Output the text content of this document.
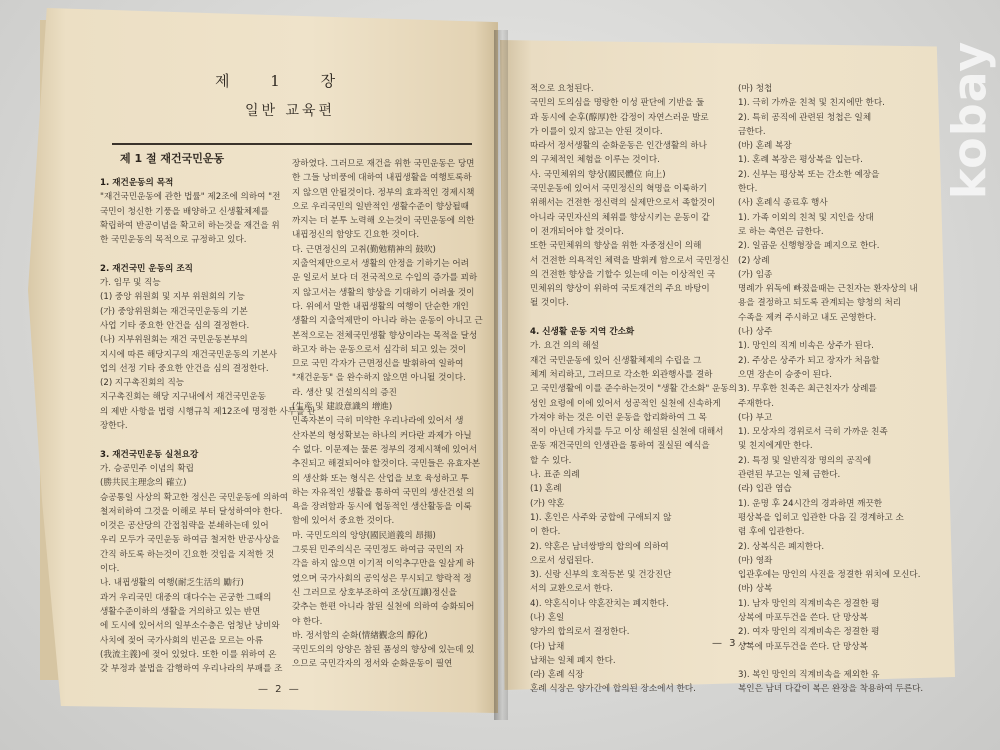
제 1 장
일반 교육편
제 1 절 재건국민운동
1. 재건운동의 목적
"재건국민운동에 관한 법률" 제2조에 의하여 "전
국민이 청신한 기풍을 배양하고 신생활체제를
확립하여 반공이념을 확고히 하는것을 재건을 위
한 국민운동의 목적으로 규정하고 있다.

2. 재건국민 운동의 조직
가. 임무 및 직능
(1) 중앙 위원회 및 지부 위원회의 기능
(가) 중앙위원회는 재건국민운동의 기본
사업 기타 중요한 안건을 심의 결정한다.
(나) 지부위원회는 재건 국민운동본부의
지시에 따른 해당지구의 재건국민운동의 기본사
업의 선정 기타 중요한 안건을 심의 결정한다.
(2) 지구촉진회의 직능
지구촉진회는 해당 지구내에서 재건국민운동
의 제반 사항을 법령 시행규칙 제12조에 명정한 사무를 관
장한다.

3. 재건국민운동 실천요강
가. 승공민주 이념의 확립
(勝共民主理念의 確立)
승공통일 사상의 확고한 정신은 국민운동에 의하여
철저히하여 그것을 이해로 부터 달성하여야 한다.
이것은 공산당의 간접침략을 분쇄하는데 있어
우리 모두가 국민운동 하여금 철저한 반공사상을
간직 하도록 하는것이 긴요한 것임을 지적한 것
이다.
나. 내핍생활의 여행(耐乏生活의 勵行)
과거 우리국민 대중의 대다수는 곤궁한 그때의
생활수준이하의 생활을 거의하고 있는 반면
에 도시에 있어서의 일부소수층은 엄청난 낭비와
사치에 젖어 국가사회의 빈곤을 모르는 아류
(我流主義)에 젖어 있었다. 또한 이를 위하여 온
갖 부정과 불법을 감행하여 우리나라의 부패를 조
장하였다. 그러므로 재건을 위한 국민운동은 당면
한 그들 낭비풍에 대하여 내핍생활을 여행토록하
지 않으면 안될것이다. 정부의 효과적인 경제시책
으로 우리국민의 일반적인 생활수준이 향상될때
까지는 더 분투 노력해 오는것이 국민운동에 의한
내핍정신의 함양도 긴요한 것이다.
다. 근면정신의 고취(勤勉精神의 鼓吹)
지출억제만으로서 생활의 안정을 기하기는 어려
운 일로서 보다 더 전국적으로 수입의 증가를 꾀하
지 않고서는 생활의 향상을 기대하기 어려울 것이
다. 위에서 말한 내핍생활의 여행이 단순한 개인
생활의 지출억제만이 아니라 하는 운동이 아니고 근
본적으로는 전체국민생활 향상이라는 목적을 달성
하고자 하는 운동으로서 심각히 되고 있는 것이
므로 국민 각자가 근면정신을 발휘하여 일하여
"재건운동" 을 완수하지 않으면 아니될 것이다.
라. 생산 및 건설의식의 증진
(生産 및 建設意識의 增進)
민족자본이 극히 미약한 우리나라에 있어서 생
산자본의 형성확보는 하나의 커다란 과제가 아닐
수 없다. 이문제는 물론 정부의 경제시책에 있어서
추진되고 해결되어야 할것이다. 국민들은 유효자본
의 생산화 또는 형식은 산업을 보호 육성하고 투
하는 자유적인 생활을 통하여 국민의 생산건설 의
욕을 장려함과 동시에 협동적인 생산활동을 이룩
함에 있어서 중요한 것이다.
마. 국민도의의 앙양(國民道義의 昂揚)
그릇된 민주의식은 국민정도 하여금 국민의 자
각을 하지 않으면 이기적 이익추구만을 일삼게 하
였으며 국가사회의 공익성은 무시되고 향락적 정
신 그러므로 상호부조하여 조상(互讓)정신을
갖추는 한편 아니라 참된 실천에 의하여 승화되어
야 한다.
바. 정서함의 순화(情緖觀念의 醇化)
국민도의의 앙양은 참된 품성의 향상에 있는데 있
으므로 국민각자의 정서와 순화운동이 필연
— 2 —
적으로 요청된다.
국민의 도의심을 명랑한 이성 판단에 기반을 둘
과 동시에 순후(醇厚)한 감정이 자연스러운 발로
가 이를이 있지 않고는 안된 것이다.
따라서 정서생활의 순화운동은 인간생활의 하나
의 구체적인 체험을 이루는 것이다.
사. 국민체위의 향상(國民體位 向上)
국민운동에 있어서 국민정신의 혁명을 이룩하기
위해서는 건전한 정신력의 실제만으로서 족할것이
아니라 국민자신의 체위를 향상시키는 운동이 같
이 전개되어야 할 것이다.
또한 국민체위의 향상을 위한 자중정신이 의해
서 건전한 의욕적인 체력을 발휘케 함으로서 국민정신
의 건전한 향상을 기할수 있는데 이는 이상적인 국
민체위의 향상이 위하여 국토재건의 주요 바탕이
될 것이다.

4. 신생활 운동 지역 간소화
가. 요건 의의 해설
재건 국민운동에 있어 신생활체제의 수립을 그
체계 처리하고, 그러므로 각소한 외관행사를 결하
고 국민생활에 이를 준수하는것이 "생활 간소화" 운동의
성인 요령에 이에 있어서 성공적인 실천에 신속하게
가져야 하는 것은 이런 운동을 합리화하여 그 목
적이 아닌데 가치를 두고 이상 해설된 실천에 대해서
운동 재건국민의 인생관을 통하여 질실된 예식을
할 수 있다.
나. 표준 의례
(1) 혼례
(가) 약혼
1). 혼인은 사주와 궁합에 구애되지 않
이 한다.
2). 약혼은 남녀쌍방의 합의에 의하여
으로서 성립된다.
3). 신랑 신부의 호적등본 및 건강진단
서의 교환으로서 한다.
4). 약혼식이나 약혼잔치는 폐지한다.
(나) 혼일
양가의 합의로서 결정한다.
(다) 납채
납채는 일체 폐지 한다.
(라) 혼례 식장
혼례 식장은 양가간에 합의된 장소에서 한다.
(마) 청첩
1). 극히 가까운 친척 및 친지에만 한다.
2). 특히 공직에 관련된 청첩은 일체
금한다.
(바) 혼례 복장
1). 혼례 복장은 평상복을 입는다.
2). 신부는 평상복 또는 간소한 예장을
한다.
(사) 혼례식 종료후 행사
1). 가족 이외의 친척 및 지인을 상대
로 하는 축연은 금한다.
2). 일곱운 신행형장을 폐지으로 한다.
(2) 상례
(가) 임종
명례가 위독에 빠졌을때는 근친자는 환자상의 내
용을 결정하고 되도록 관계되는 향청의 처리
수족을 제켜 주시하고 내도 곤영한다.
(나) 상주
1). 망인의 직계 비속은 상주가 된다.
2). 주상은 상주가 되고 장자가 처음할
으면 장손이 승중이 된다.
3). 무후한 친족은 최근친자가 상례를
주재한다.
(다) 부고
1). 모상자의 경위로서 극히 가까운 친족
및 친지에게만 한다.
2). 특정 및 일반직장 명의의 공직에
관련된 부고는 일체 금한다.
(라) 입관 염습
1). 운명 후 24시간의 경과하면 깨끗한
평상복을 입히고 입관한 다음 길 경계하고 소
렴 후에 입관한다.
2). 상복식은 폐지한다.
(마) 영좌
입관후에는 망인의 사진을 정결한 위치에 모신다.
(바) 상복
1). 남자 망인의 직계비속은 정결한 평
상복에 마포두건을 쓴다. 단 망상복
2). 여자 망인의 직계비속은 정결한 평
상복에 마포두건을 쓴다. 단 망상복

3). 복인 망인의 직계비속을 제외한 유
복인은 남녀 다같이 복은 완장을 착용하여 두른다.
— 3 —
kobay
